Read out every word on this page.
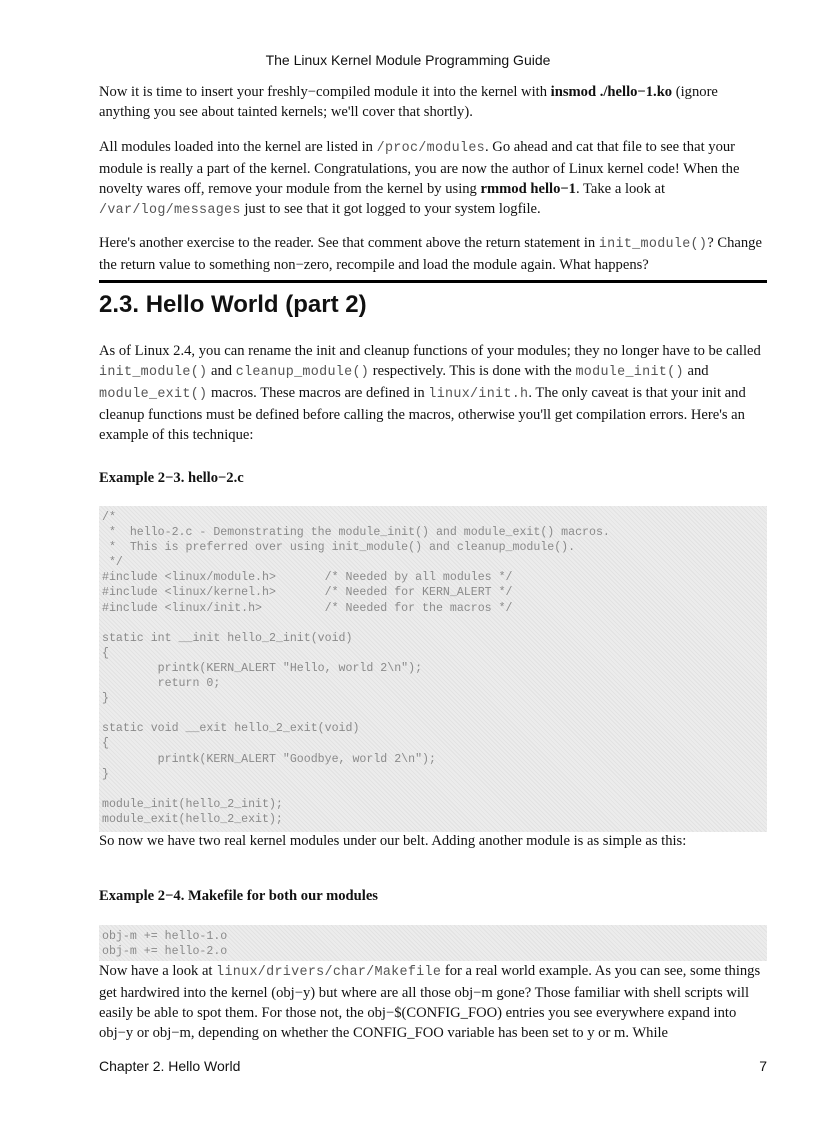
The Linux Kernel Module Programming Guide

Now it is time to insert your freshly−compiled module it into the kernel with insmod ./hello−1.ko (ignore anything you see about tainted kernels; we'll cover that shortly).

All modules loaded into the kernel are listed in /proc/modules. Go ahead and cat that file to see that your module is really a part of the kernel. Congratulations, you are now the author of Linux kernel code! When the novelty wares off, remove your module from the kernel by using rmmod hello−1. Take a look at /var/log/messages just to see that it got logged to your system logfile.

Here's another exercise to the reader. See that comment above the return statement in init_module()? Change the return value to something non−zero, recompile and load the module again. What happens?

2.3. Hello World (part 2)

As of Linux 2.4, you can rename the init and cleanup functions of your modules; they no longer have to be called init_module() and cleanup_module() respectively. This is done with the module_init() and module_exit() macros. These macros are defined in linux/init.h. The only caveat is that your init and cleanup functions must be defined before calling the macros, otherwise you'll get compilation errors. Here's an example of this technique:

Example 2−3. hello−2.c
/*
*  hello-2.c - Demonstrating the module_init() and module_exit() macros.
*  This is preferred over using init_module() and cleanup_module().
*/
#include <linux/module.h>       /* Needed by all modules */
#include <linux/kernel.h>       /* Needed for KERN_ALERT */
#include <linux/init.h>         /* Needed for the macros */

static int __init hello_2_init(void)
{
printk(KERN_ALERT "Hello, world 2\n");
return 0;
}

static void __exit hello_2_exit(void)
{
printk(KERN_ALERT "Goodbye, world 2\n");
}

module_init(hello_2_init);
module_exit(hello_2_exit);

So now we have two real kernel modules under our belt. Adding another module is as simple as this:

Example 2−4. Makefile for both our modules
obj-m += hello-1.o
obj-m += hello-2.o

Now have a look at linux/drivers/char/Makefile for a real world example. As you can see, some things get hardwired into the kernel (obj−y) but where are all those obj−m gone? Those familiar with shell scripts will easily be able to spot them. For those not, the obj−$(CONFIG_FOO) entries you see everywhere expand into obj−y or obj−m, depending on whether the CONFIG_FOO variable has been set to y or m. While

Chapter 2. Hello World	7
